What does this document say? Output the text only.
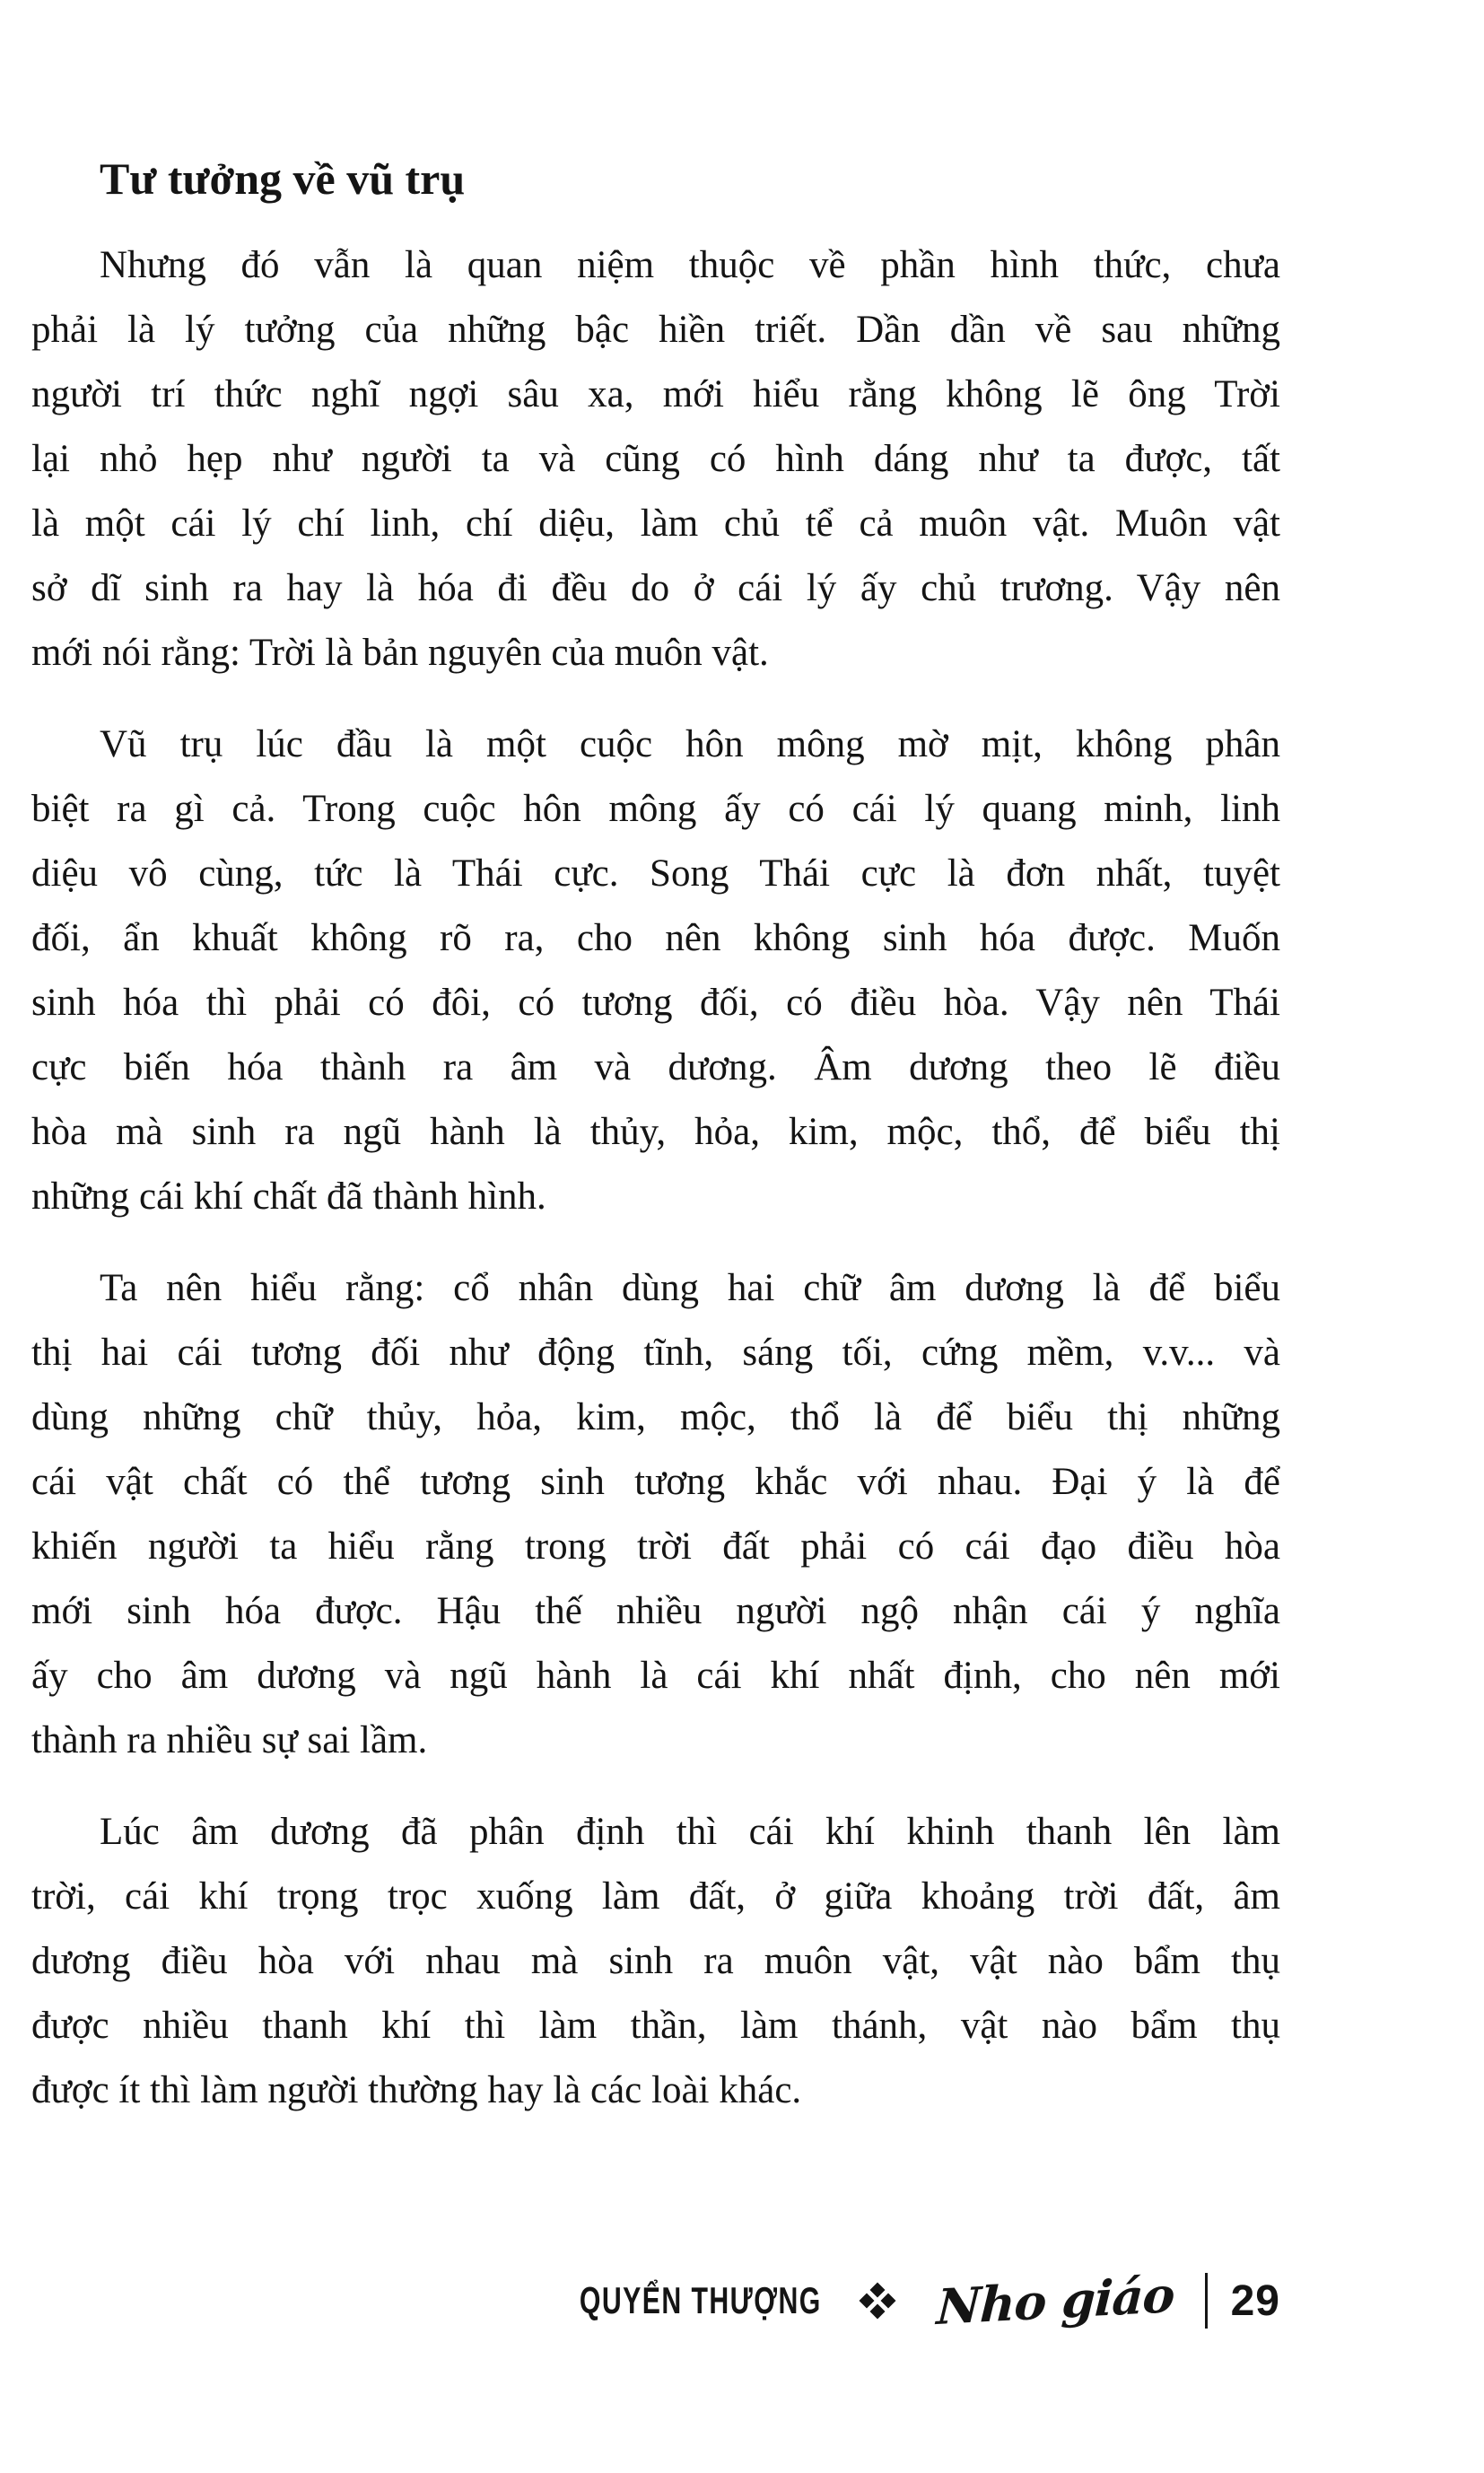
Tư tưởng về vũ trụ
Nhưng đó vẫn là quan niệm thuộc về phần hình thức, chưa
phải là lý tưởng của những bậc hiền triết. Dần dần về sau những
người trí thức nghĩ ngợi sâu xa, mới hiểu rằng không lẽ ông Trời
lại nhỏ hẹp như người ta và cũng có hình dáng như ta được, tất
là một cái lý chí linh, chí diệu, làm chủ tể cả muôn vật. Muôn vật
sở dĩ sinh ra hay là hóa đi đều do ở cái lý ấy chủ trương. Vậy nên
mới nói rằng: Trời là bản nguyên của muôn vật.
Vũ trụ lúc đầu là một cuộc hôn mông mờ mịt, không phân
biệt ra gì cả. Trong cuộc hôn mông ấy có cái lý quang minh, linh
diệu vô cùng, tức là Thái cực. Song Thái cực là đơn nhất, tuyệt
đối, ẩn khuất không rõ ra, cho nên không sinh hóa được. Muốn
sinh hóa thì phải có đôi, có tương đối, có điều hòa. Vậy nên Thái
cực biến hóa thành ra âm và dương. Âm dương theo lẽ điều
hòa mà sinh ra ngũ hành là thủy, hỏa, kim, mộc, thổ, để biểu thị
những cái khí chất đã thành hình.
Ta nên hiểu rằng: cổ nhân dùng hai chữ âm dương là để biểu
thị hai cái tương đối như động tĩnh, sáng tối, cứng mềm, v.v... và
dùng những chữ thủy, hỏa, kim, mộc, thổ là để biểu thị những
cái vật chất có thể tương sinh tương khắc với nhau. Đại ý là để
khiến người ta hiểu rằng trong trời đất phải có cái đạo điều hòa
mới sinh hóa được. Hậu thế nhiều người ngộ nhận cái ý nghĩa
ấy cho âm dương và ngũ hành là cái khí nhất định, cho nên mới
thành ra nhiều sự sai lầm.
Lúc âm dương đã phân định thì cái khí khinh thanh lên làm
trời, cái khí trọng trọc xuống làm đất, ở giữa khoảng trời đất, âm
dương điều hòa với nhau mà sinh ra muôn vật, vật nào bẩm thụ
được nhiều thanh khí thì làm thần, làm thánh, vật nào bẩm thụ
được ít thì làm người thường hay là các loài khác.
QUYỂN THƯỢNG Nho giáo 29
